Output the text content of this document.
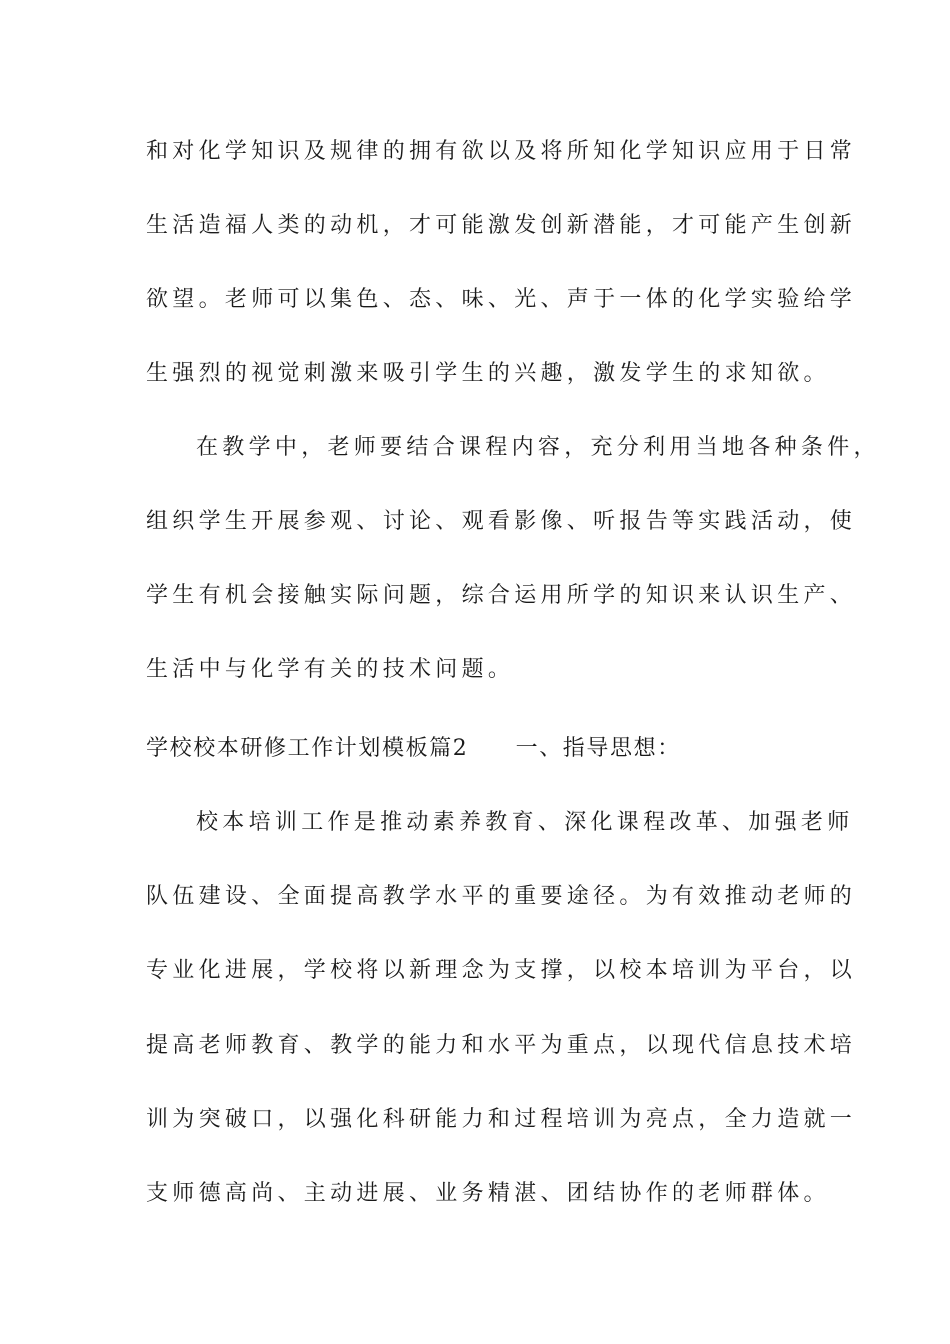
和对化学知识及规律的拥有欲以及将所知化学知识应用于日常

生活造福人类的动机，才可能激发创新潜能，才可能产生创新

欲望。老师可以集色、态、味、光、声于一体的化学实验给学

生强烈的视觉刺激来吸引学生的兴趣，激发学生的求知欲。

在教学中，老师要结合课程内容，充分利用当地各种条件，

组织学生开展参观、讨论、观看影像、听报告等实践活动，使

学生有机会接触实际问题，综合运用所学的知识来认识生产、

生活中与化学有关的技术问题。

学校校本研修工作计划模板篇2　　一、指导思想：

校本培训工作是推动素养教育、深化课程改革、加强老师

队伍建设、全面提高教学水平的重要途径。为有效推动老师的

专业化进展，学校将以新理念为支撑，以校本培训为平台，以

提高老师教育、教学的能力和水平为重点，以现代信息技术培

训为突破口，以强化科研能力和过程培训为亮点，全力造就一

支师德高尚、主动进展、业务精湛、团结协作的老师群体。
